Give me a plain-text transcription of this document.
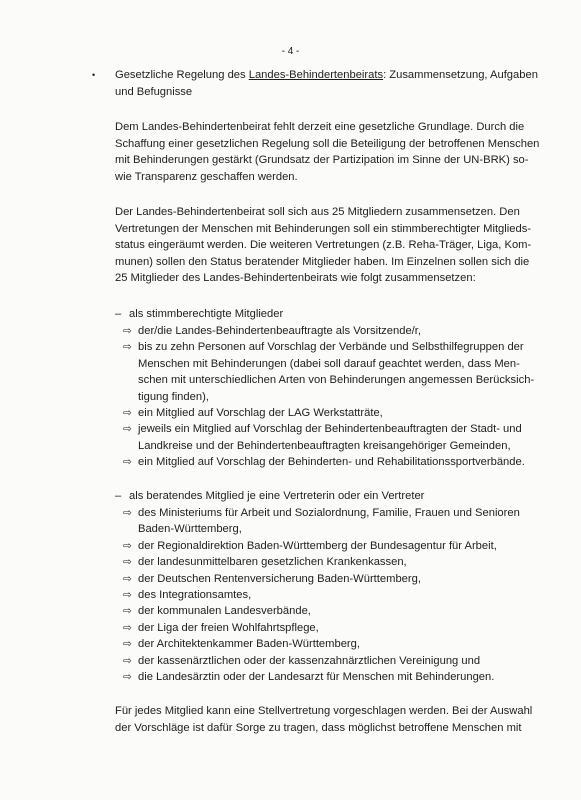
- 4 -
• Gesetzliche Regelung des Landes-Behindertenbeirats: Zusammensetzung, Aufgaben
und Befugnisse
Dem Landes-Behindertenbeirat fehlt derzeit eine gesetzliche Grundlage. Durch die
Schaffung einer gesetzlichen Regelung soll die Beteiligung der betroffenen Menschen
mit Behinderungen gestärkt (Grundsatz der Partizipation im Sinne der UN-BRK) so-
wie Transparenz geschaffen werden.
Der Landes-Behindertenbeirat soll sich aus 25 Mitgliedern zusammensetzen. Den
Vertretungen der Menschen mit Behinderungen soll ein stimmberechtigter Mitglieds-
status eingeräumt werden. Die weiteren Vertretungen (z.B. Reha-Träger, Liga, Kom-
munen) sollen den Status beratender Mitglieder haben. Im Einzelnen sollen sich die
25 Mitglieder des Landes-Behindertenbeirats wie folgt zusammensetzen:
– als stimmberechtigte Mitglieder
⇨ der/die Landes-Behindertenbeauftragte als Vorsitzende/r,
⇨ bis zu zehn Personen auf Vorschlag der Verbände und Selbsthilfegruppen der
Menschen mit Behinderungen (dabei soll darauf geachtet werden, dass Men-
schen mit unterschiedlichen Arten von Behinderungen angemessen Berücksich-
tigung finden),
⇨ ein Mitglied auf Vorschlag der LAG Werkstatträte,
⇨ jeweils ein Mitglied auf Vorschlag der Behindertenbeauftragten der Stadt- und
Landkreise und der Behindertenbeauftragten kreisangehöriger Gemeinden,
⇨ ein Mitglied auf Vorschlag der Behinderten- und Rehabilitationssportverbände.
– als beratendes Mitglied je eine Vertreterin oder ein Vertreter
⇨ des Ministeriums für Arbeit und Sozialordnung, Familie, Frauen und Senioren
Baden-Württemberg,
⇨ der Regionaldirektion Baden-Württemberg der Bundesagentur für Arbeit,
⇨ der landesunmittelbaren gesetzlichen Krankenkassen,
⇨ der Deutschen Rentenversicherung Baden-Württemberg,
⇨ des Integrationsamtes,
⇨ der kommunalen Landesverbände,
⇨ der Liga der freien Wohlfahrtspflege,
⇨ der Architektenkammer Baden-Württemberg,
⇨ der kassenärztlichen oder der kassenzahnärztlichen Vereinigung und
⇨ die Landesärztin oder der Landesarzt für Menschen mit Behinderungen.
Für jedes Mitglied kann eine Stellvertretung vorgeschlagen werden. Bei der Auswahl
der Vorschläge ist dafür Sorge zu tragen, dass möglichst betroffene Menschen mit
